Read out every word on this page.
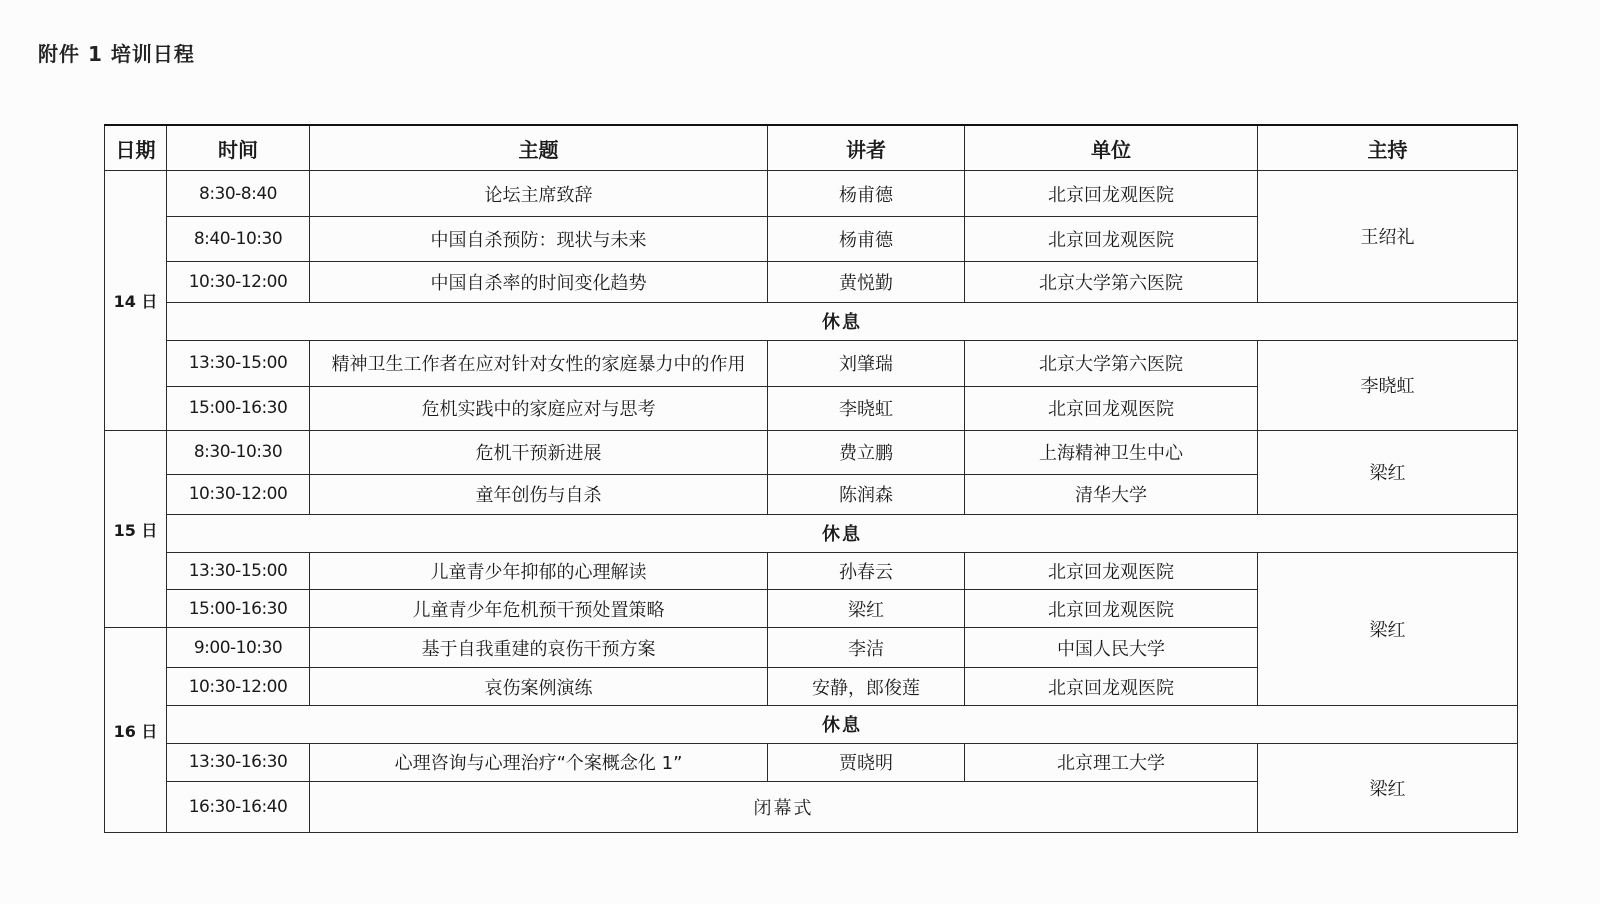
附件 1 培训日程
日期	时间	主题	讲者	单位	主持
14 日	8:30-8:40	论坛主席致辞	杨甫德	北京回龙观医院	王绍礼
	8:40-10:30	中国自杀预防：现状与未来	杨甫德	北京回龙观医院	
	10:30-12:00	中国自杀率的时间变化趋势	黄悦勤	北京大学第六医院	
	休息				
	13:30-15:00	精神卫生工作者在应对针对女性的家庭暴力中的作用	刘肇瑞	北京大学第六医院	李晓虹
	15:00-16:30	危机实践中的家庭应对与思考	李晓虹	北京回龙观医院	
15 日	8:30-10:30	危机干预新进展	费立鹏	上海精神卫生中心	梁红
	10:30-12:00	童年创伤与自杀	陈润森	清华大学	
	休息				
	13:30-15:00	儿童青少年抑郁的心理解读	孙春云	北京回龙观医院	梁红
	15:00-16:30	儿童青少年危机预干预处置策略	梁红	北京回龙观医院	
16 日	9:00-10:30	基于自我重建的哀伤干预方案	李洁	中国人民大学	
	10:30-12:00	哀伤案例演练	安静，郎俊莲	北京回龙观医院	
	休息				
	13:30-16:30	心理咨询与心理治疗“个案概念化 1”	贾晓明	北京理工大学	梁红
	16:30-16:40	闭幕式			
